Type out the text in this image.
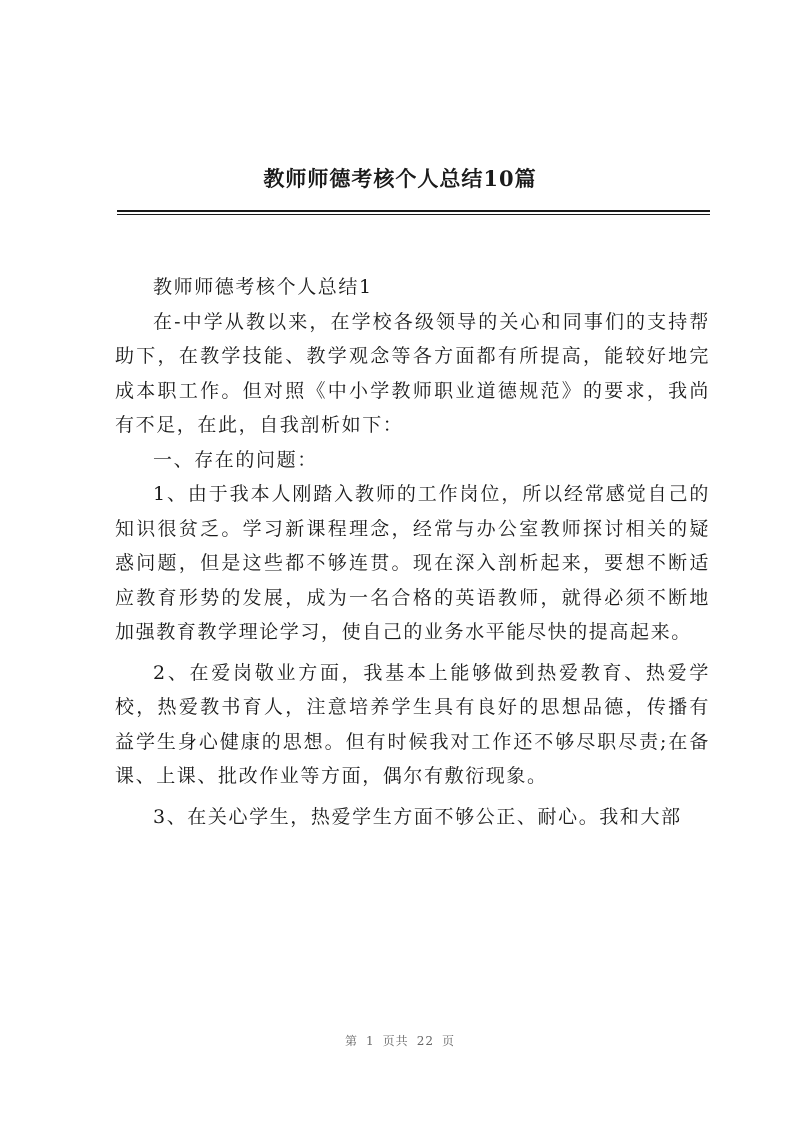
教师师德考核个人总结10篇

教师师德考核个人总结1

在-中学从教以来，在学校各级领导的关心和同事们的支持帮助下，在教学技能、教学观念等各方面都有所提高，能较好地完成本职工作。但对照《中小学教师职业道德规范》的要求，我尚有不足，在此，自我剖析如下：

一、存在的问题：

1、由于我本人刚踏入教师的工作岗位，所以经常感觉自己的知识很贫乏。学习新课程理念，经常与办公室教师探讨相关的疑惑问题，但是这些都不够连贯。现在深入剖析起来，要想不断适应教育形势的发展，成为一名合格的英语教师，就得必须不断地加强教育教学理论学习，使自己的业务水平能尽快的提高起来。

2、在爱岗敬业方面，我基本上能够做到热爱教育、热爱学校，热爱教书育人，注意培养学生具有良好的思想品德，传播有益学生身心健康的思想。但有时候我对工作还不够尽职尽责;在备课、上课、批改作业等方面，偶尔有敷衍现象。

3、在关心学生，热爱学生方面不够公正、耐心。我和大部

第 1 页共 22 页
